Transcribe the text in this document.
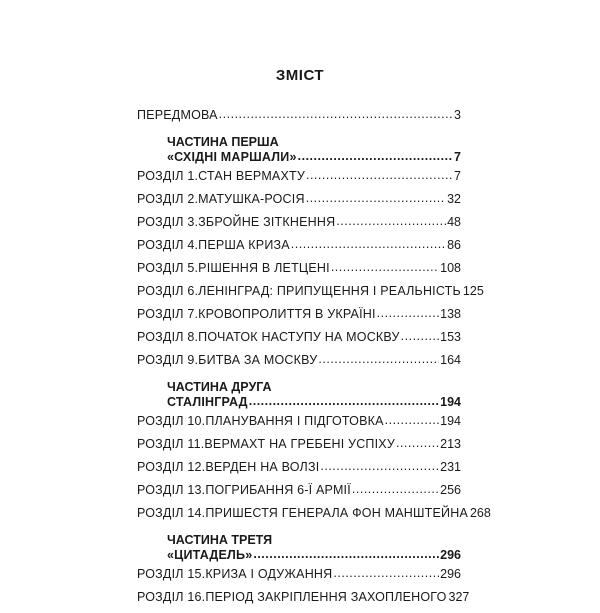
ЗМІСТ
ПЕРЕДМОВА .....	3
ЧАСТИНА ПЕРША
«СХІДНІ МАРШАЛИ» .....	7
РОЗДІЛ 1.СТАН ВЕРМАХТУ .....	7
РОЗДІЛ 2.МАТУШКА-РОСІЯ .....	32
РОЗДІЛ 3.ЗБРОЙНЕ ЗІТКНЕННЯ .....	48
РОЗДІЛ 4.ПЕРША КРИЗА .....	86
РОЗДІЛ 5.РІШЕННЯ В ЛЕТЦЕНІ .....	108
РОЗДІЛ 6.ЛЕНІНГРАД: ПРИПУЩЕННЯ І РЕАЛЬНІСТЬ 125
РОЗДІЛ 7.КРОВОПРОЛИТТЯ В УКРАЇНІ .....	138
РОЗДІЛ 8.ПОЧАТОК НАСТУПУ НА МОСКВУ .....	153
РОЗДІЛ 9.БИТВА ЗА МОСКВУ .....	164
ЧАСТИНА ДРУГА
СТАЛІНГРАД .....	194
РОЗДІЛ 10.ПЛАНУВАННЯ І ПІДГОТОВКА .....	194
РОЗДІЛ 11.ВЕРМАХТ НА ГРЕБЕНІ УСПІХУ .....	213
РОЗДІЛ 12.ВЕРДЕН НА ВОЛЗІ .....	231
РОЗДІЛ 13.ПОГРИБАННЯ 6-Ї АРМІЇ .....	256
РОЗДІЛ 14.ПРИШЕСТЯ ГЕНЕРАЛА ФОН МАНШТЕЙНА 268
ЧАСТИНА ТРЕТЯ
«ЦИТАДЕЛЬ» .....	296
РОЗДІЛ 15.КРИЗА І ОДУЖАННЯ .....	296
РОЗДІЛ 16.ПЕРІОД ЗАКРІПЛЕННЯ ЗАХОПЛЕНОГО 327
